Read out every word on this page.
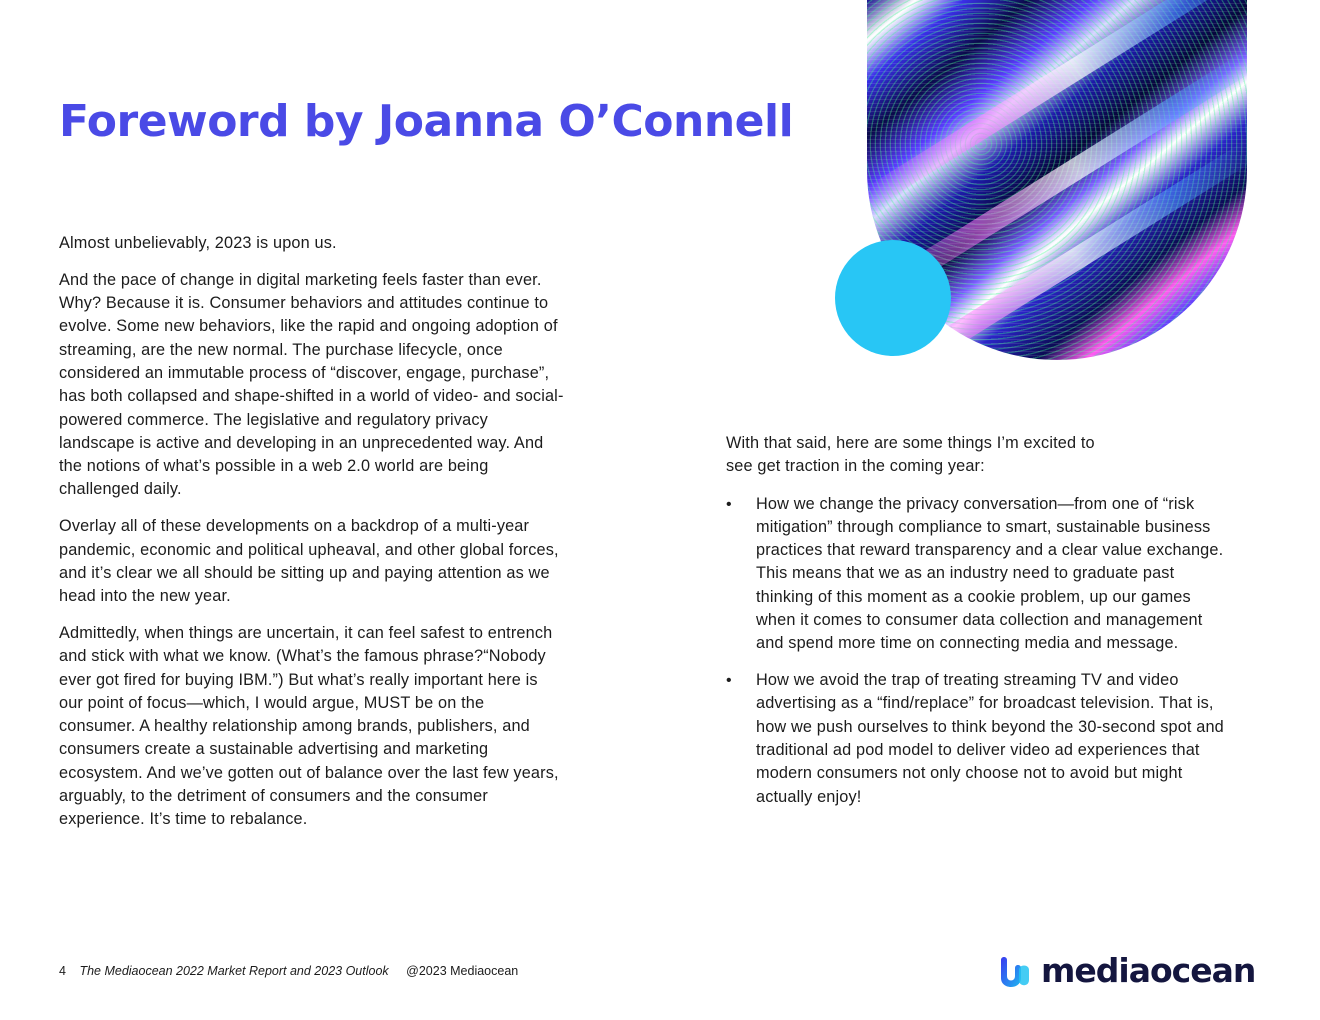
Foreword by Joanna O’Connell

Almost unbelievably, 2023 is upon us.

And the pace of change in digital marketing feels faster than ever. Why? Because it is. Consumer behaviors and attitudes continue to evolve. Some new behaviors, like the rapid and ongoing adoption of streaming, are the new normal. The purchase lifecycle, once considered an immutable process of “discover, engage, purchase”, has both collapsed and shape-shifted in a world of video- and social-powered commerce. The legislative and regulatory privacy landscape is active and developing in an unprecedented way. And the notions of what’s possible in a web 2.0 world are being challenged daily.

Overlay all of these developments on a backdrop of a multi-year pandemic, economic and political upheaval, and other global forces, and it’s clear we all should be sitting up and paying attention as we head into the new year.

Admittedly, when things are uncertain, it can feel safest to entrench and stick with what we know. (What’s the famous phrase?“Nobody ever got fired for buying IBM.”) But what’s really important here is our point of focus—which, I would argue, MUST be on the consumer. A healthy relationship among brands, publishers, and consumers create a sustainable advertising and marketing ecosystem. And we’ve gotten out of balance over the last few years, arguably, to the detriment of consumers and the consumer experience. It’s time to rebalance.

With that said, here are some things I’m excited to see get traction in the coming year:

• How we change the privacy conversation—from one of “risk mitigation” through compliance to smart, sustainable business practices that reward transparency and a clear value exchange. This means that we as an industry need to graduate past thinking of this moment as a cookie problem, up our games when it comes to consumer data collection and management and spend more time on connecting media and message.
• How we avoid the trap of treating streaming TV and video advertising as a “find/replace” for broadcast television. That is, how we push ourselves to think beyond the 30-second spot and traditional ad pod model to deliver video ad experiences that modern consumers not only choose not to avoid but might actually enjoy!
4 The Mediaocean 2022 Market Report and 2023 Outlook @2023 Mediaocean	mediaocean
